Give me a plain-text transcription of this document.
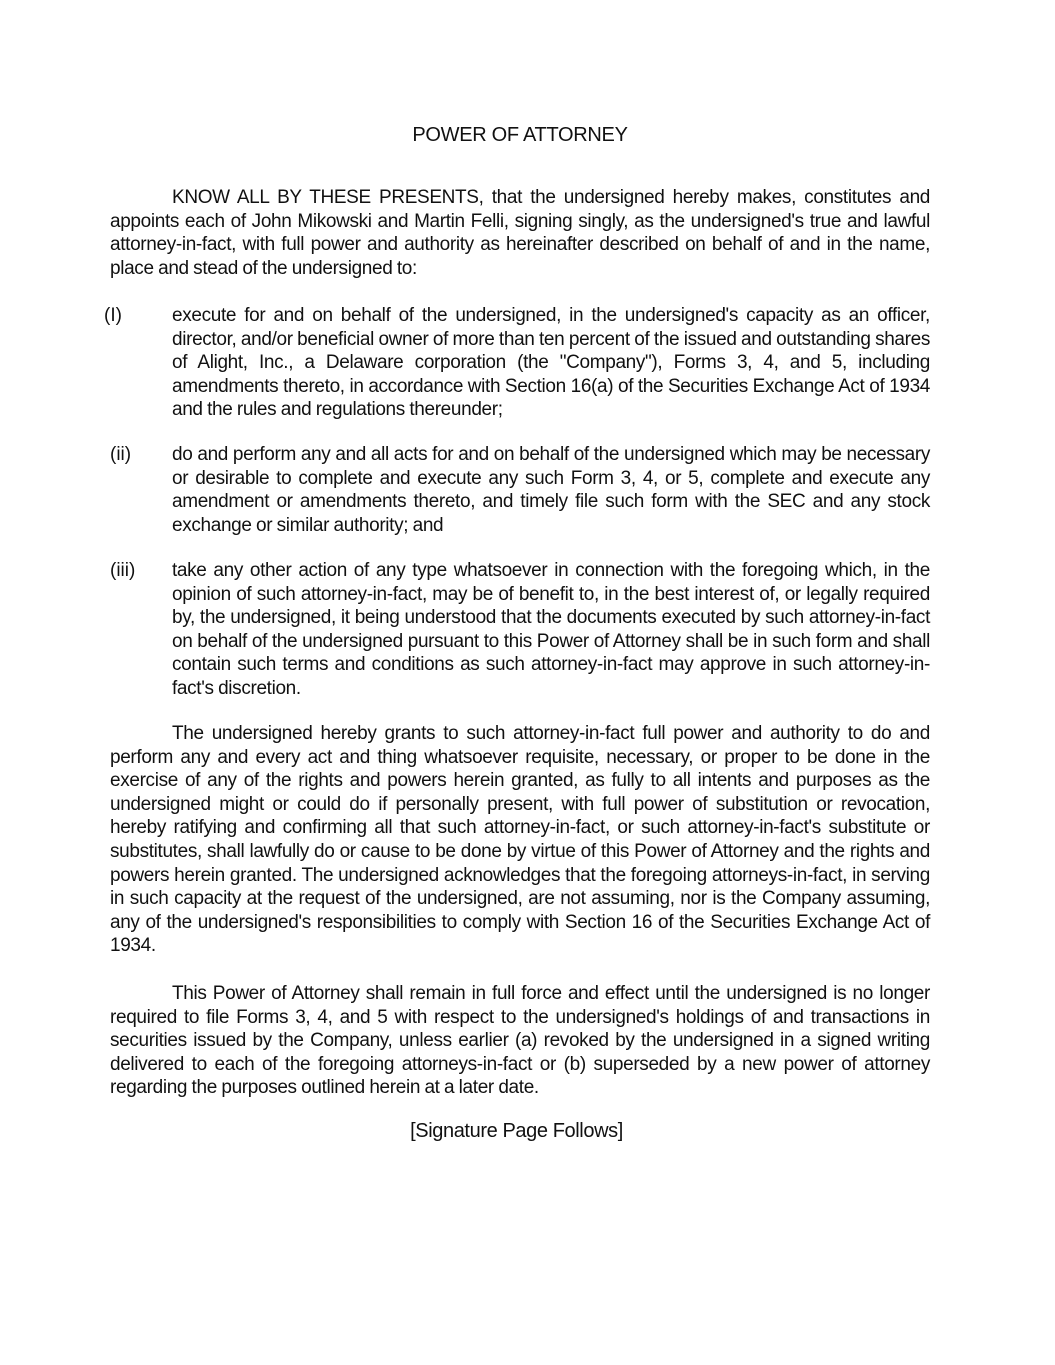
POWER OF ATTORNEY
KNOW ALL BY THESE PRESENTS, that the undersigned hereby makes, constitutes and appoints each of John Mikowski and Martin Felli, signing singly, as the undersigned's true and lawful attorney-in-fact, with full power and authority as hereinafter described on behalf of and in the name, place and stead of the undersigned to:
(I)	execute for and on behalf of the undersigned, in the undersigned's capacity as an officer, director, and/or beneficial owner of more than ten percent of the issued and outstanding shares of Alight, Inc., a Delaware corporation (the "Company"), Forms 3, 4, and 5, including amendments thereto, in accordance with Section 16(a) of the Securities Exchange Act of 1934 and the rules and regulations thereunder;
(ii) do and perform any and all acts for and on behalf of the undersigned which may be necessary or desirable to complete and execute any such Form 3, 4, or 5, complete and execute any amendment or amendments thereto, and timely file such form with the SEC and any stock exchange or similar authority; and
(iii) take any other action of any type whatsoever in connection with the foregoing which, in the opinion of such attorney-in-fact, may be of benefit to, in the best interest of, or legally required by, the undersigned, it being understood that the documents executed by such attorney-in-fact on behalf of the undersigned pursuant to this Power of Attorney shall be in such form and shall contain such terms and conditions as such attorney-in-fact may approve in such attorney-in-fact's discretion.
The undersigned hereby grants to such attorney-in-fact full power and authority to do and perform any and every act and thing whatsoever requisite, necessary, or proper to be done in the exercise of any of the rights and powers herein granted, as fully to all intents and purposes as the undersigned might or could do if personally present, with full power of substitution or revocation, hereby ratifying and confirming all that such attorney-in-fact, or such attorney-in-fact's substitute or substitutes, shall lawfully do or cause to be done by virtue of this Power of Attorney and the rights and powers herein granted. The undersigned acknowledges that the foregoing attorneys-in-fact, in serving in such capacity at the request of the undersigned, are not assuming, nor is the Company assuming, any of the undersigned's responsibilities to comply with Section 16 of the Securities Exchange Act of 1934.
This Power of Attorney shall remain in full force and effect until the undersigned is no longer required to file Forms 3, 4, and 5 with respect to the undersigned's holdings of and transactions in securities issued by the Company, unless earlier (a) revoked by the undersigned in a signed writing delivered to each of the foregoing attorneys-in-fact or (b) superseded by a new power of attorney regarding the purposes outlined herein at a later date.
[Signature Page Follows]
